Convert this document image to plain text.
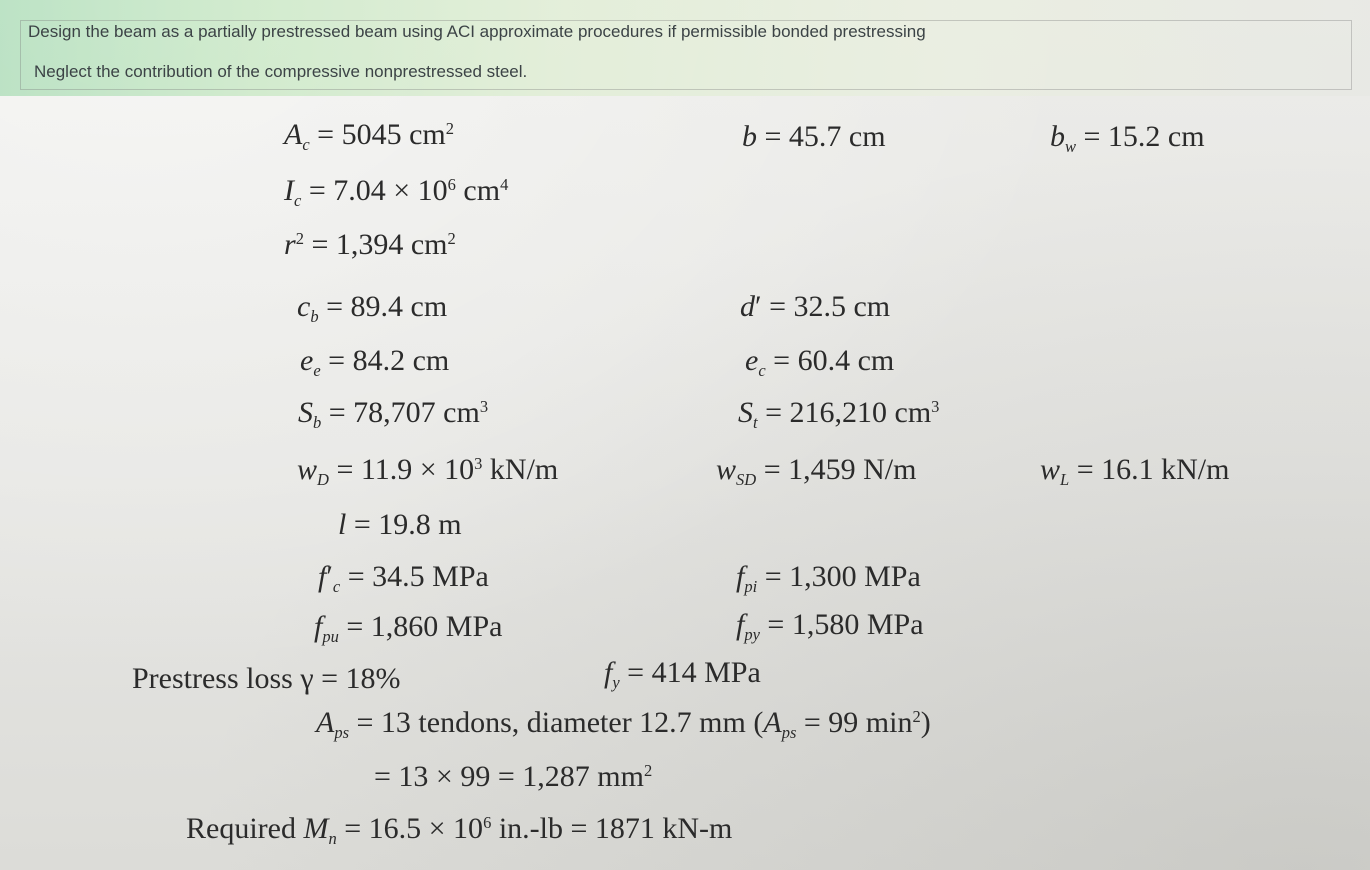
Design the beam as a partially prestressed beam using ACI approximate procedures if permissible bonded prestressing
Neglect the contribution of the compressive nonprestressed steel.
$A_c = 5045$ $cm^2$	b = 45.7 cm	$b_w = 15.2$ cm
$I_c = 7.04 \times 10^6$ $cm^4$
$r^2 = 1,394$ $cm^2$
$c_b = 89.4$ cm	d′ = 32.5 cm
$e_e = 84.2$ cm	$e_c = 60.4$ cm
$S_b = 78,707$ $cm^3$	$S_t = 216,210$ $cm^3$
$w_D = 11.9 \times 10^3$ kN/m	$w_{SD} = 1,459$ N/m	$w_L = 16.1$ kN/m
l = 19.8 m
$f'_c = 34.5$ MPa	$f_{pi} = 1,300$ MPa
$f_{pu} = 1,860$ MPa	$f_{py} = 1,580$ MPa
Prestress loss γ = 18%	$f_y = 414$ MPa
$A_{ps} = 13$ tendons, diameter 12.7 mm ($A_{ps} = 99$ $\min^2$)
= 13 × 99 = 1,287 $mm^2$
Required $M_n = 16.5 \times 10^6$ in.-lb = 1871 kN-m
